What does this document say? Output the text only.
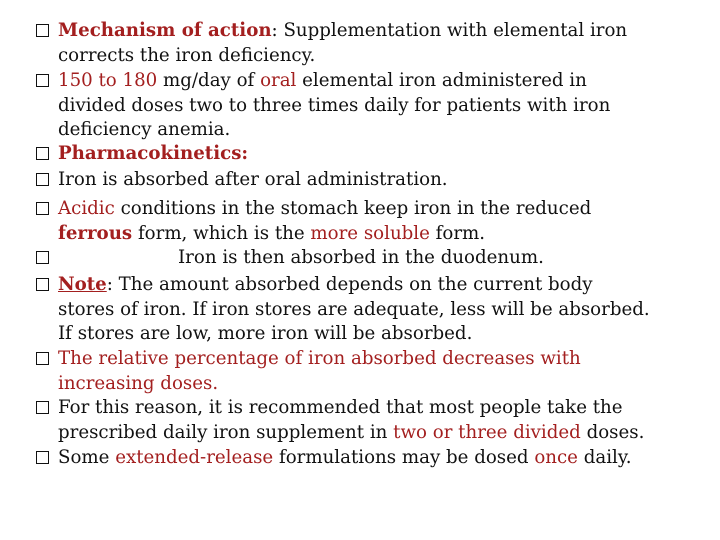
Mechanism of action: Supplementation with elemental iron
corrects the iron deficiency.
150 to 180 mg/day of oral elemental iron administered in
divided doses two to three times daily for patients with iron
deficiency anemia.
Pharmacokinetics:
Iron is absorbed after oral administration.
Acidic conditions in the stomach keep iron in the reduced
ferrous form, which is the more soluble form.
Iron is then absorbed in the duodenum.
Note: The amount absorbed depends on the current body
stores of iron. If iron stores are adequate, less will be absorbed.
If stores are low, more iron will be absorbed.
The relative percentage of iron absorbed decreases with
increasing doses.
For this reason, it is recommended that most people take the
prescribed daily iron supplement in two or three divided doses.
Some extended-release formulations may be dosed once daily.
